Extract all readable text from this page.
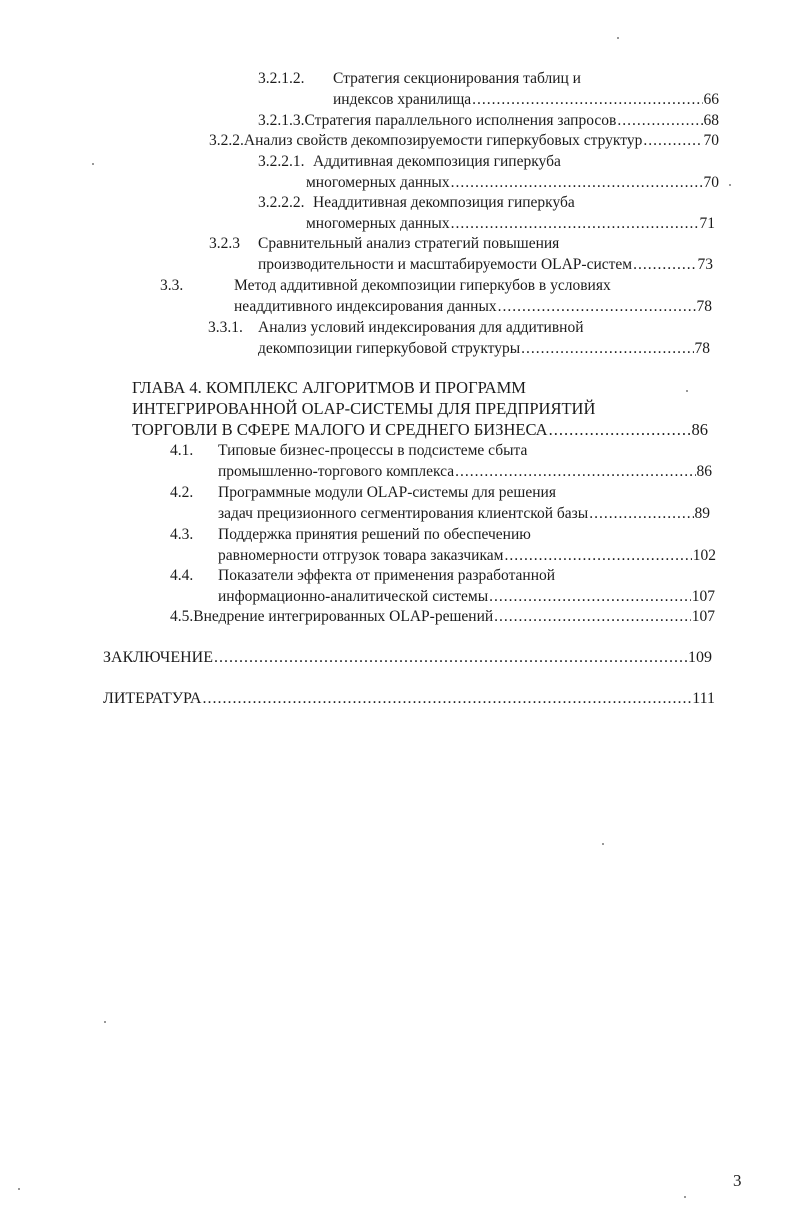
3.2.1.2. Стратегия секционирования таблиц и
индексов хранилища .....	66
3.2.1.3. Стратегия параллельного исполнения запросов .....	68
3.2.2. Анализ свойств декомпозируемости гиперкубовых структур .....	70
3.2.2.1. Аддитивная декомпозиция гиперкуба
многомерных данных .....	70
3.2.2.2. Неаддитивная декомпозиция гиперкуба
многомерных данных .....	71
3.2.3 Сравнительный анализ стратегий повышения
производительности и масштабируемости OLAP-систем .....	73
3.3.	Метод аддитивной декомпозиции гиперкубов в условиях
неаддитивного индексирования данных .....	78
3.3.1. Анализ условий индексирования для аддитивной
декомпозиции гиперкубовой структуры .....	78
ГЛАВА 4. КОМПЛЕКС АЛГОРИТМОВ И ПРОГРАММ
ИНТЕГРИРОВАННОЙ OLAP-СИСТЕМЫ ДЛЯ ПРЕДПРИЯТИЙ
ТОРГОВЛИ В СФЕРЕ МАЛОГО И СРЕДНЕГО БИЗНЕСА .....	86
4.1. Типовые бизнес-процессы в подсистеме сбыта
промышленно-торгового комплекса .....	86
4.2. Программные модули OLAP-системы для решения
задач прецизионного сегментирования клиентской базы .....	89
4.3. Поддержка принятия решений по обеспечению
равномерности отгрузок товара заказчикам .....	102
4.4. Показатели эффекта от применения разработанной
информационно-аналитической системы .....	107
4.5. Внедрение интегрированных OLAP-решений .....	107
ЗАКЛЮЧЕНИЕ .....	109
ЛИТЕРАТУРА .....	111
3
